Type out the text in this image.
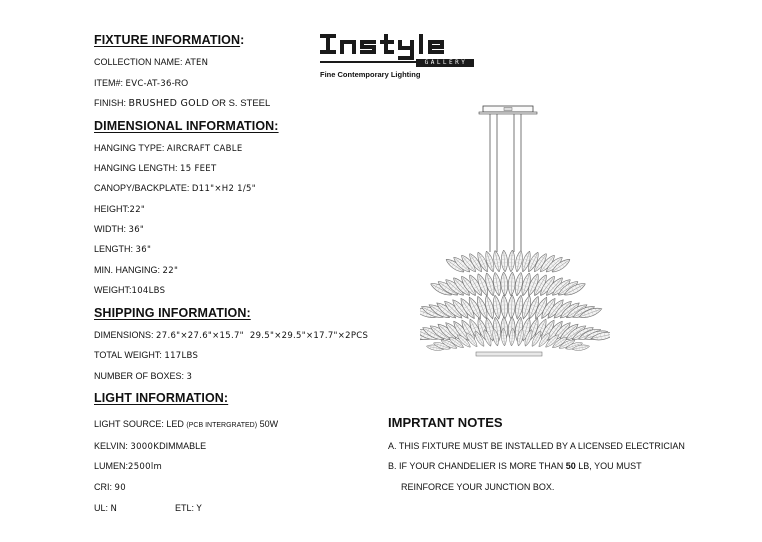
GALLERY
Fine Contemporary Lighting
FIXTURE INFORMATION:
COLLECTION NAME: ATEN
ITEM#: EVC-AT-36-RO
FINISH: BRUSHED GOLD OR S. STEEL
DIMENSIONAL INFORMATION:
HANGING TYPE: AIRCRAFT CABLE
HANGING LENGTH: 15 FEET
CANOPY/BACKPLATE: D11"×H2 1/5"
HEIGHT:22"
WIDTH: 36"
LENGTH: 36"
MIN. HANGING: 22"
WEIGHT:104LBS
SHIPPING INFORMATION:
DIMENSIONS: 27.6"×27.6"×15.7"  29.5"×29.5"×17.7"×2PCS
TOTAL WEIGHT: 117LBS
NUMBER OF BOXES: 3
LIGHT INFORMATION:
LIGHT SOURCE: LED (PCB INTERGRATED) 50W
KELVIN: 3000KDIMMABLE
LUMEN:2500lm
CRI: 90
UL: N	ETL: Y
IMPRTANT NOTES
A. THIS FIXTURE MUST BE INSTALLED BY A LICENSED ELECTRICIAN
B. IF YOUR CHANDELIER IS MORE THAN 50 LB, YOU MUST
REINFORCE YOUR JUNCTION BOX.
